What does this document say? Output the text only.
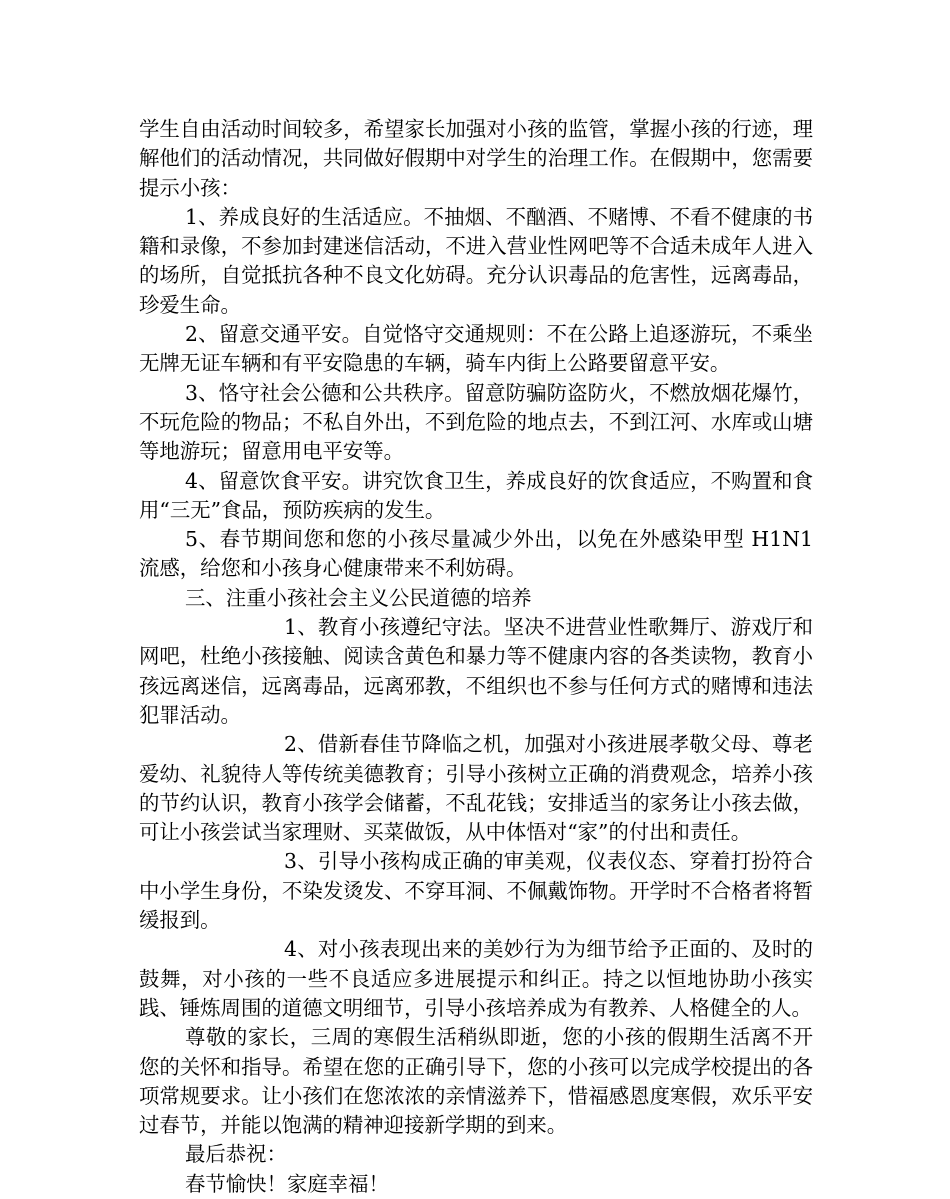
学生自由活动时间较多，希望家长加强对小孩的监管，掌握小孩的行迹，理解他们的活动情况，共同做好假期中对学生的治理工作。在假期中，您需要提示小孩：

1、养成良好的生活适应。不抽烟、不酗酒、不赌博、不看不健康的书籍和录像，不参加封建迷信活动，不进入营业性网吧等不合适未成年人进入的场所，自觉抵抗各种不良文化妨碍。充分认识毒品的危害性，远离毒品，珍爱生命。

2、留意交通平安。自觉恪守交通规则：不在公路上追逐游玩，不乘坐无牌无证车辆和有平安隐患的车辆，骑车内街上公路要留意平安。

3、恪守社会公德和公共秩序。留意防骗防盗防火，不燃放烟花爆竹，不玩危险的物品；不私自外出，不到危险的地点去，不到江河、水库或山塘等地游玩；留意用电平安等。

4、留意饮食平安。讲究饮食卫生，养成良好的饮食适应，不购置和食用“三无”食品，预防疾病的发生。

5、春节期间您和您的小孩尽量减少外出，以免在外感染甲型 H1N1 流感，给您和小孩身心健康带来不利妨碍。

三、注重小孩社会主义公民道德的培养

1、教育小孩遵纪守法。坚决不进营业性歌舞厅、游戏厅和网吧，杜绝小孩接触、阅读含黄色和暴力等不健康内容的各类读物，教育小孩远离迷信，远离毒品，远离邪教，不组织也不参与任何方式的赌博和违法犯罪活动。

2、借新春佳节降临之机，加强对小孩进展孝敬父母、尊老爱幼、礼貌待人等传统美德教育；引导小孩树立正确的消费观念，培养小孩的节约认识，教育小孩学会储蓄，不乱花钱；安排适当的家务让小孩去做，可让小孩尝试当家理财、买菜做饭，从中体悟对“家”的付出和责任。

3、引导小孩构成正确的审美观，仪表仪态、穿着打扮符合中小学生身份，不染发烫发、不穿耳洞、不佩戴饰物。开学时不合格者将暂缓报到。

4、对小孩表现出来的美妙行为为细节给予正面的、及时的鼓舞，对小孩的一些不良适应多进展提示和纠正。持之以恒地协助小孩实践、锤炼周围的道德文明细节，引导小孩培养成为有教养、人格健全的人。

尊敬的家长，三周的寒假生活稍纵即逝，您的小孩的假期生活离不开您的关怀和指导。希望在您的正确引导下，您的小孩可以完成学校提出的各项常规要求。让小孩们在您浓浓的亲情滋养下，惜福感恩度寒假，欢乐平安过春节，并能以饱满的精神迎接新学期的到来。

最后恭祝：

春节愉快！家庭幸福！
